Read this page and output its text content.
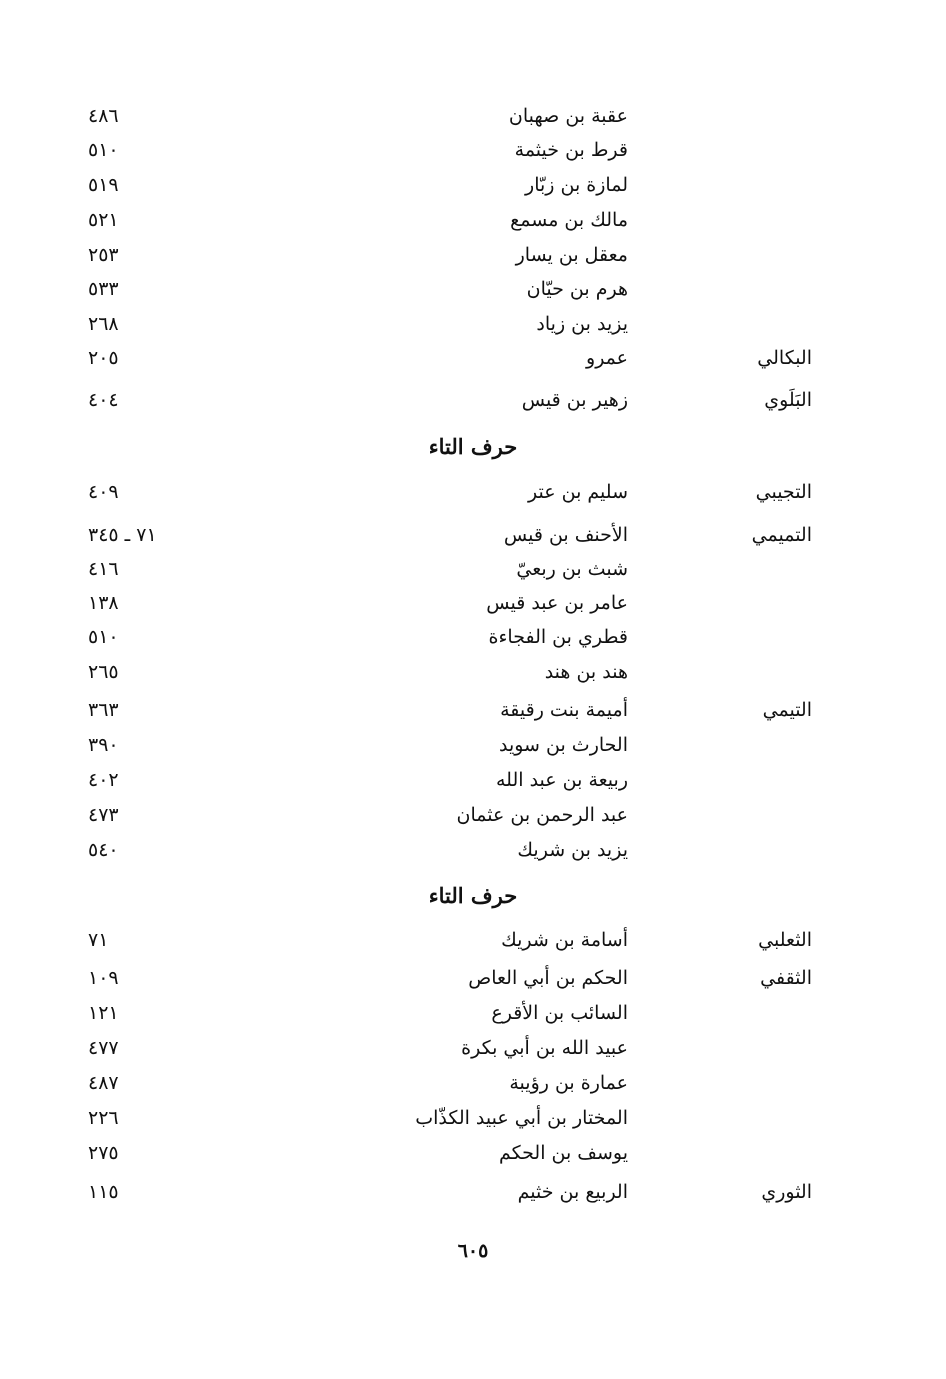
عقبة بن صهبان
٤٨٦
قرط بن خيثمة
٥١٠
لمازة بن زبّار
٥١٩
مالك بن مسمع
٥٢١
معقل بن يسار
٢٥٣
هرم بن حيّان
٥٣٣
يزيد بن زياد
٢٦٨
البكالي
عمرو
٢٠٥
البَلَوي
زهير بن قيس
٤٠٤
حرف التاء
التجيبي
سليم بن عتر
٤٠٩
التميمي
الأحنف بن قيس
٧١ ـ ٣٤٥
شبث بن ربعيّ
٤١٦
عامر بن عبد قيس
١٣٨
قطري بن الفجاءة
٥١٠
هند بن هند
٢٦٥
التيمي
أميمة بنت رقيقة
٣٦٣
الحارث بن سويد
٣٩٠
ربيعة بن عبد الله
٤٠٢
عبد الرحمن بن عثمان
٤٧٣
يزيد بن شريك
٥٤٠
حرف التاء
الثعلبي
أسامة بن شريك
٧١
الثقفي
الحكم بن أبي العاص
١٠٩
السائب بن الأقرع
١٢١
عبيد الله بن أبي بكرة
٤٧٧
عمارة بن رؤيبة
٤٨٧
المختار بن أبي عبيد الكذّاب
٢٢٦
يوسف بن الحكم
٢٧٥
الثوري
الربيع بن خثيم
١١٥
٦٠٥
